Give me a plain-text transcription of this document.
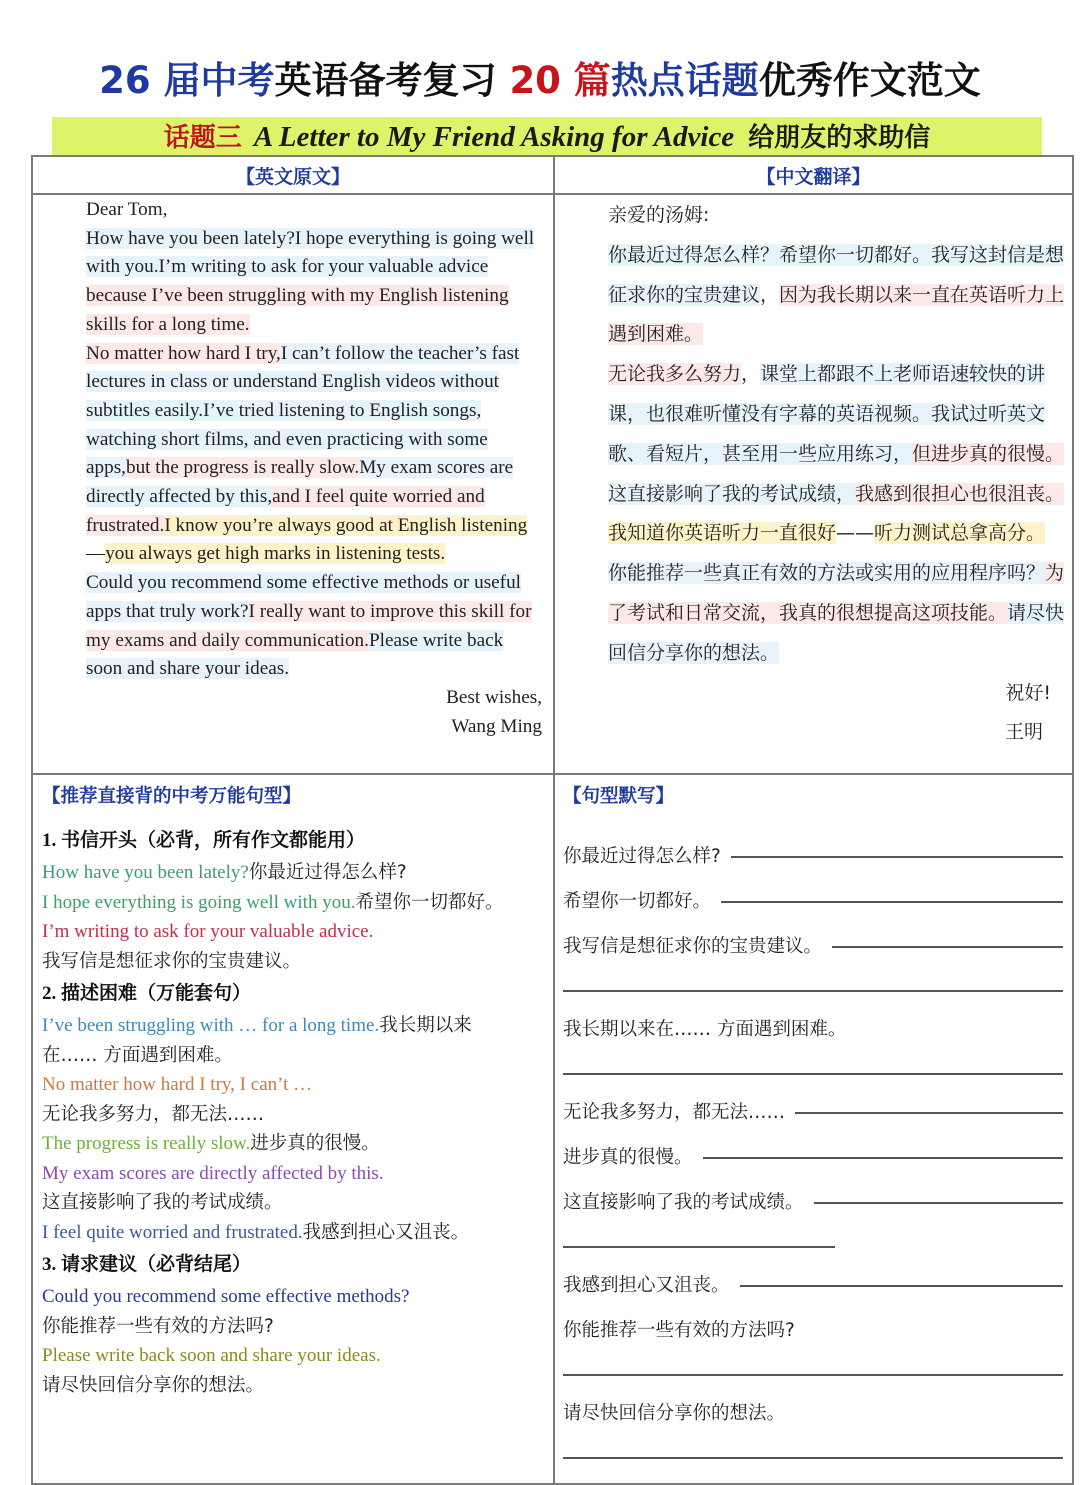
26 届中考英语备考复习 20 篇热点话题优秀作文范文
话题三 A Letter to My Friend Asking for Advice 给朋友的求助信
【英文原文】	【中文翻译】

Dear Tom,

How have you been lately?I hope everything is going well with you.I’m writing to ask for your valuable advice because I’ve been struggling with my English listening skills for a long time.

No matter how hard I try,I can’t follow the teacher’s fast lectures in class or understand English videos without subtitles easily.I’ve tried listening to English songs, watching short films, and even practicing with some apps,but the progress is really slow.My exam scores are directly affected by this,and I feel quite worried and frustrated.I know you’re always good at English listening—you always get high marks in listening tests.

Could you recommend some effective methods or useful apps that truly work?I really want to improve this skill for my exams and daily communication.Please write back soon and share your ideas.

Best wishes,

Wang Ming

亲爱的汤姆:

你最近过得怎么样？希望你一切都好。我写这封信是想征求你的宝贵建议，因为我长期以来一直在英语听力上遇到困难。

无论我多么努力，课堂上都跟不上老师语速较快的讲课，也很难听懂没有字幕的英语视频。我试过听英文歌、看短片，甚至用一些应用练习，但进步真的很慢。这直接影响了我的考试成绩，我感到很担心也很沮丧。我知道你英语听力一直很好——听力测试总拿高分。

你能推荐一些真正有效的方法或实用的应用程序吗？为了考试和日常交流，我真的很想提高这项技能。请尽快回信分享你的想法。

祝好!

王明

【推荐直接背的中考万能句型】
1. 书信开头（必背，所有作文都能用）
How have you been lately?你最近过得怎么样?
I hope everything is going well with you.希望你一切都好。
I’m writing to ask for your valuable advice.
我写信是想征求你的宝贵建议。
2. 描述困难（万能套句）
I’ve been struggling with … for a long time.我长期以来
在…… 方面遇到困难。
No matter how hard I try, I can’t …
无论我多努力，都无法……
The progress is really slow.进步真的很慢。
My exam scores are directly affected by this.
这直接影响了我的考试成绩。
I feel quite worried and frustrated.我感到担心又沮丧。
3. 请求建议（必背结尾）
Could you recommend some effective methods?
你能推荐一些有效的方法吗?
Please write back soon and share your ideas.
请尽快回信分享你的想法。
【句型默写】
你最近过得怎么样?
希望你一切都好。
我写信是想征求你的宝贵建议。
我长期以来在…… 方面遇到困难。
无论我多努力，都无法……
进步真的很慢。
这直接影响了我的考试成绩。
我感到担心又沮丧。
你能推荐一些有效的方法吗?
请尽快回信分享你的想法。
